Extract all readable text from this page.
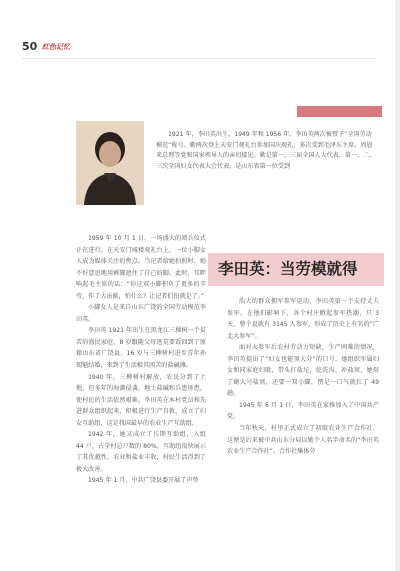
50 红色记忆
1921 年，李田英出生。1949 年和 1956 年，李田英两次被授予“全国劳动模范”称号。勤两次登上天安门观礼台参加国庆观礼，多次受到毛泽东主席、周恩来总理等党和国家领导人的亲切接见。勤是第一、三届全国人大代表，第一、二、三次全国妇女代表大会代表，是山东省第一位受到

1959 年 10 月 1 日，一场盛大的阅兵仪式正在进行。在天安门城楼观礼台上，一位小脚女人成为媒体关注的焦点。当记者给她拍照时，她不好意思地用裤脚遮住了自己的脚。此时，耳畔响起毛主席的话：“你这双小脚积负了更多的辛劳，作了大贡献，怕什么？让记者们拍就是了。”

小脚女人是来自山东广饶的全国劳动模范李田英。

李田英 1921 年出生在黑龙江三棵树一个贫苦的渔民家庭，8 岁跟随父母逃荒要饭回到了原籍山东省广饶县，16 岁与三柳树村进步青年孙锡魁结婚，来到了生活极其困苦的盐碱滩。

1940 年，三柳树村解放，农民分到了土地，但多年的海潮侵袭，地土盐碱和兵患匪患，使村民的生活依然艰难。李田英在本村党员和先进群众组织起来，积极进行生产自救，成立了妇女互助组，这是我国最早的农业生产互助组。

1942 年，她又成立了长期互助组，入组 44 户，占全村总户数的 80%。互助组很快展示了其优越性，农业和盐业丰收，村民生活得到了极大改善。

1945 年 1 月，中共广饶县委开展了声势

李田英：当劳模就得

浩大的群众拥军参军运动，李田英第一个支持丈夫参军。在他们影响下，各个村庄掀起参军热潮，只 3 天，整个县就有 3145 人参军，形成了历史上有名的“广北大参军”。

面对大参军后农村劳动力短缺，生产困难的情况，李田英提出了“妇女也能顶大分”的口号，她组织军属妇女和同家庭妇联，带头打盐坨，挖洗沟、补盐窝，她用了副大号盐窝，还要一双小脚，愣是一口气就扛了 49 趟。

1945 年 6 月 1 日，李田英在家推加入了中国共产党。

当年秋天，村里正式成立了初级农业生产合作社，这便是后来被中共山东分局以她个人名字命名的“李田英农业生产合作社”。合作社集体劳
